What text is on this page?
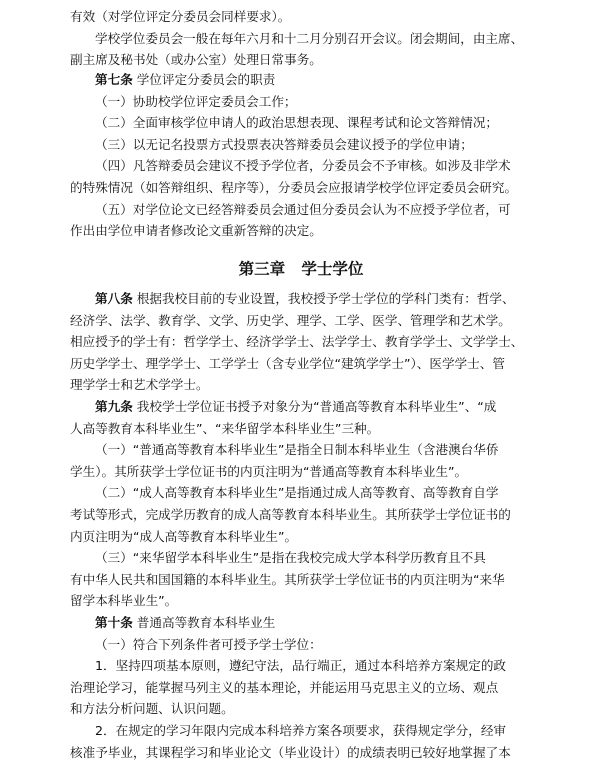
有效（对学位评定分委员会同样要求）。
学校学位委员会一般在每年六月和十二月分别召开会议。闭会期间，由主席、
副主席及秘书处（或办公室）处理日常事务。
第七条 学位评定分委员会的职责
（一）协助校学位评定委员会工作；
（二）全面审核学位申请人的政治思想表现、课程考试和论文答辩情况；
（三）以无记名投票方式投票表决答辩委员会建议授予的学位申请；
（四）凡答辩委员会建议不授予学位者，分委员会不予审核。如涉及非学术
的特殊情况（如答辩组织、程序等），分委员会应报请学校学位评定委员会研究。
（五）对学位论文已经答辩委员会通过但分委员会认为不应授予学位者，可
作出由学位申请者修改论文重新答辩的决定。
第三章   学士学位
第八条 根据我校目前的专业设置，我校授予学士学位的学科门类有：哲学、
经济学、法学、教育学、文学、历史学、理学、工学、医学、管理学和艺术学。
相应授予的学士有：哲学学士、经济学学士、法学学士、教育学学士、文学学士、
历史学学士、理学学士、工学学士（含专业学位“建筑学学士”）、医学学士、管
理学学士和艺术学学士。
第九条 我校学士学位证书授予对象分为“普通高等教育本科毕业生”、“成
人高等教育本科毕业生”、“来华留学本科毕业生”三种。
（一）“普通高等教育本科毕业生”是指全日制本科毕业生（含港澳台华侨
学生）。其所获学士学位证书的内页注明为“普通高等教育本科毕业生”。
（二）“成人高等教育本科毕业生”是指通过成人高等教育、高等教育自学
考试等形式，完成学历教育的成人高等教育本科毕业生。其所获学士学位证书的
内页注明为“成人高等教育本科毕业生”。
（三）“来华留学本科毕业生”是指在我校完成大学本科学历教育且不具
有中华人民共和国国籍的本科毕业生。其所获学士学位证书的内页注明为“来华
留学本科毕业生”。
第十条 普通高等教育本科毕业生
（一）符合下列条件者可授予学士学位：
1．坚持四项基本原则，遵纪守法，品行端正，通过本科培养方案规定的政
治理论学习，能掌握马列主义的基本理论，并能运用马克思主义的立场、观点
和方法分析问题、认识问题。
2．在规定的学习年限内完成本科培养方案各项要求，获得规定学分，经审
核准予毕业，其课程学习和毕业论文（毕业设计）的成绩表明已较好地掌握了本
